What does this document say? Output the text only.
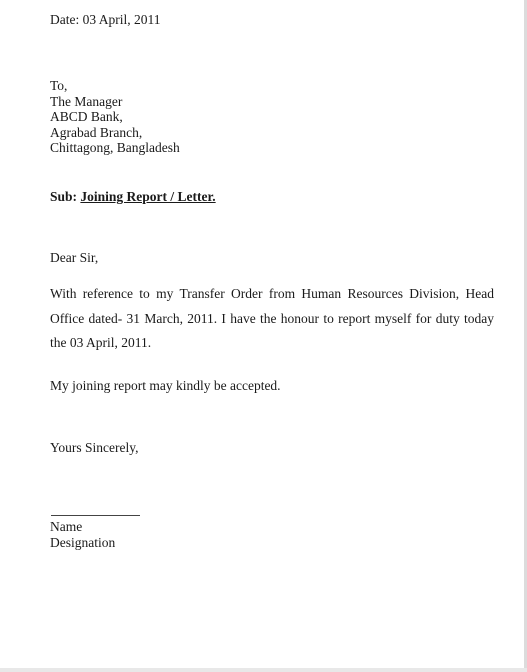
Date: 03 April, 2011
To,
The Manager
ABCD Bank,
Agrabad Branch,
Chittagong, Bangladesh
Sub: Joining Report / Letter.
Dear Sir,
With reference to my Transfer Order from Human Resources Division, Head Office dated- 31 March, 2011. I have the honour to report myself for duty today the 03 April, 2011.
My joining report may kindly be accepted.
Yours Sincerely,
Name
Designation
